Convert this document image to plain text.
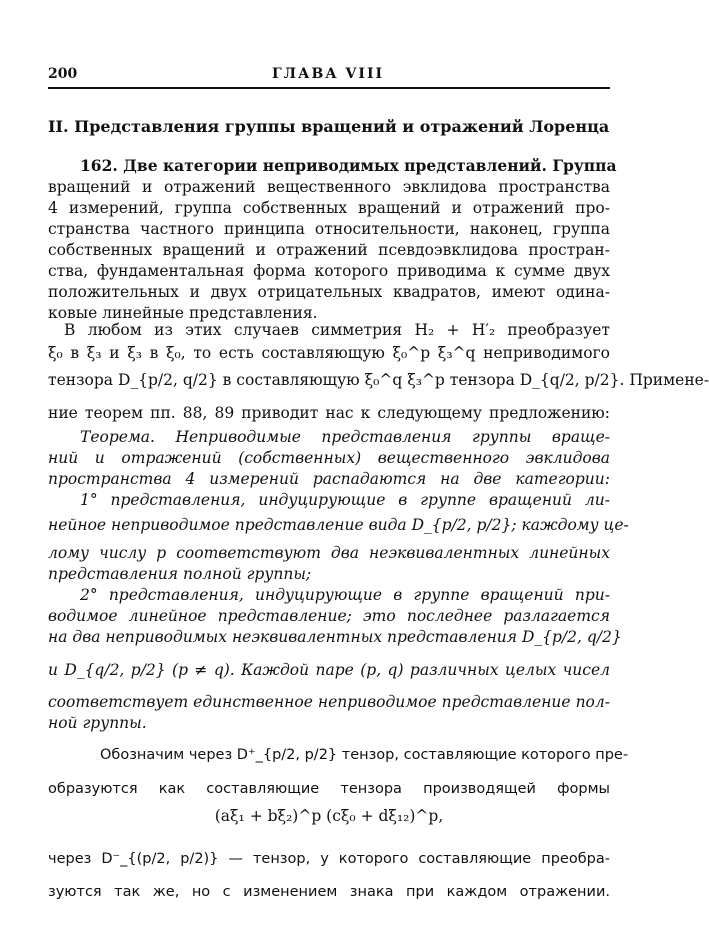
200	ГЛАВА VIII
II. Представления группы вращений и отражений Лоренца
162. Две категории неприводимых представлений. Группа
вращений и отражений вещественного эвклидова пространства
4 измерений, группа собственных вращений и отражений про-
странства частного принципа относительности, наконец, группа
собственных вращений и отражений псевдоэвклидова простран-
ства, фундаментальная форма которого приводима к сумме двух
положительных и двух отрицательных квадратов, имеют одина-
ковые линейные представления.
В любом из этих случаев симметрия H₂ + H′₂ преобразует
ξ₀ в ξ₃ и ξ₃ в ξ₀, то есть составляющую ξ₀^p ξ₃^q неприводимого
тензора D_{p/2, q/2} в составляющую ξ₀^q ξ₃^p тензора D_{q/2, p/2}. Примене-
ние теорем пп. 88, 89 приводит нас к следующему предложению:
Теорема. Неприводимые представления группы враще-
ний и отражений (собственных) вещественного эвклидова
пространства 4 измерений распадаются на две категории:
1° представления, индуцирующие в группе вращений ли-
нейное неприводимое представление вида D_{p/2, p/2}; каждому це-
лому числу p соответствуют два неэквивалентных линейных
представления полной группы;
2° представления, индуцирующие в группе вращений при-
водимое линейное представление; это последнее разлагается
на два неприводимых неэквивалентных представления D_{p/2, q/2}
и D_{q/2, p/2} (p ≠ q). Каждой паре (p, q) различных целых чисел
соответствует единственное неприводимое представление пол-
ной группы.
Обозначим через D⁺_{p/2, p/2} тензор, составляющие которого пре-
образуются как составляющие тензора производящей формы
(aξ₁ + bξ₂)^p (cξ₀ + dξ₁₂)^p,
через D⁻_{(p/2, p/2)} — тензор, у которого составляющие преобра-
зуются так же, но с изменением знака при каждом отражении.
